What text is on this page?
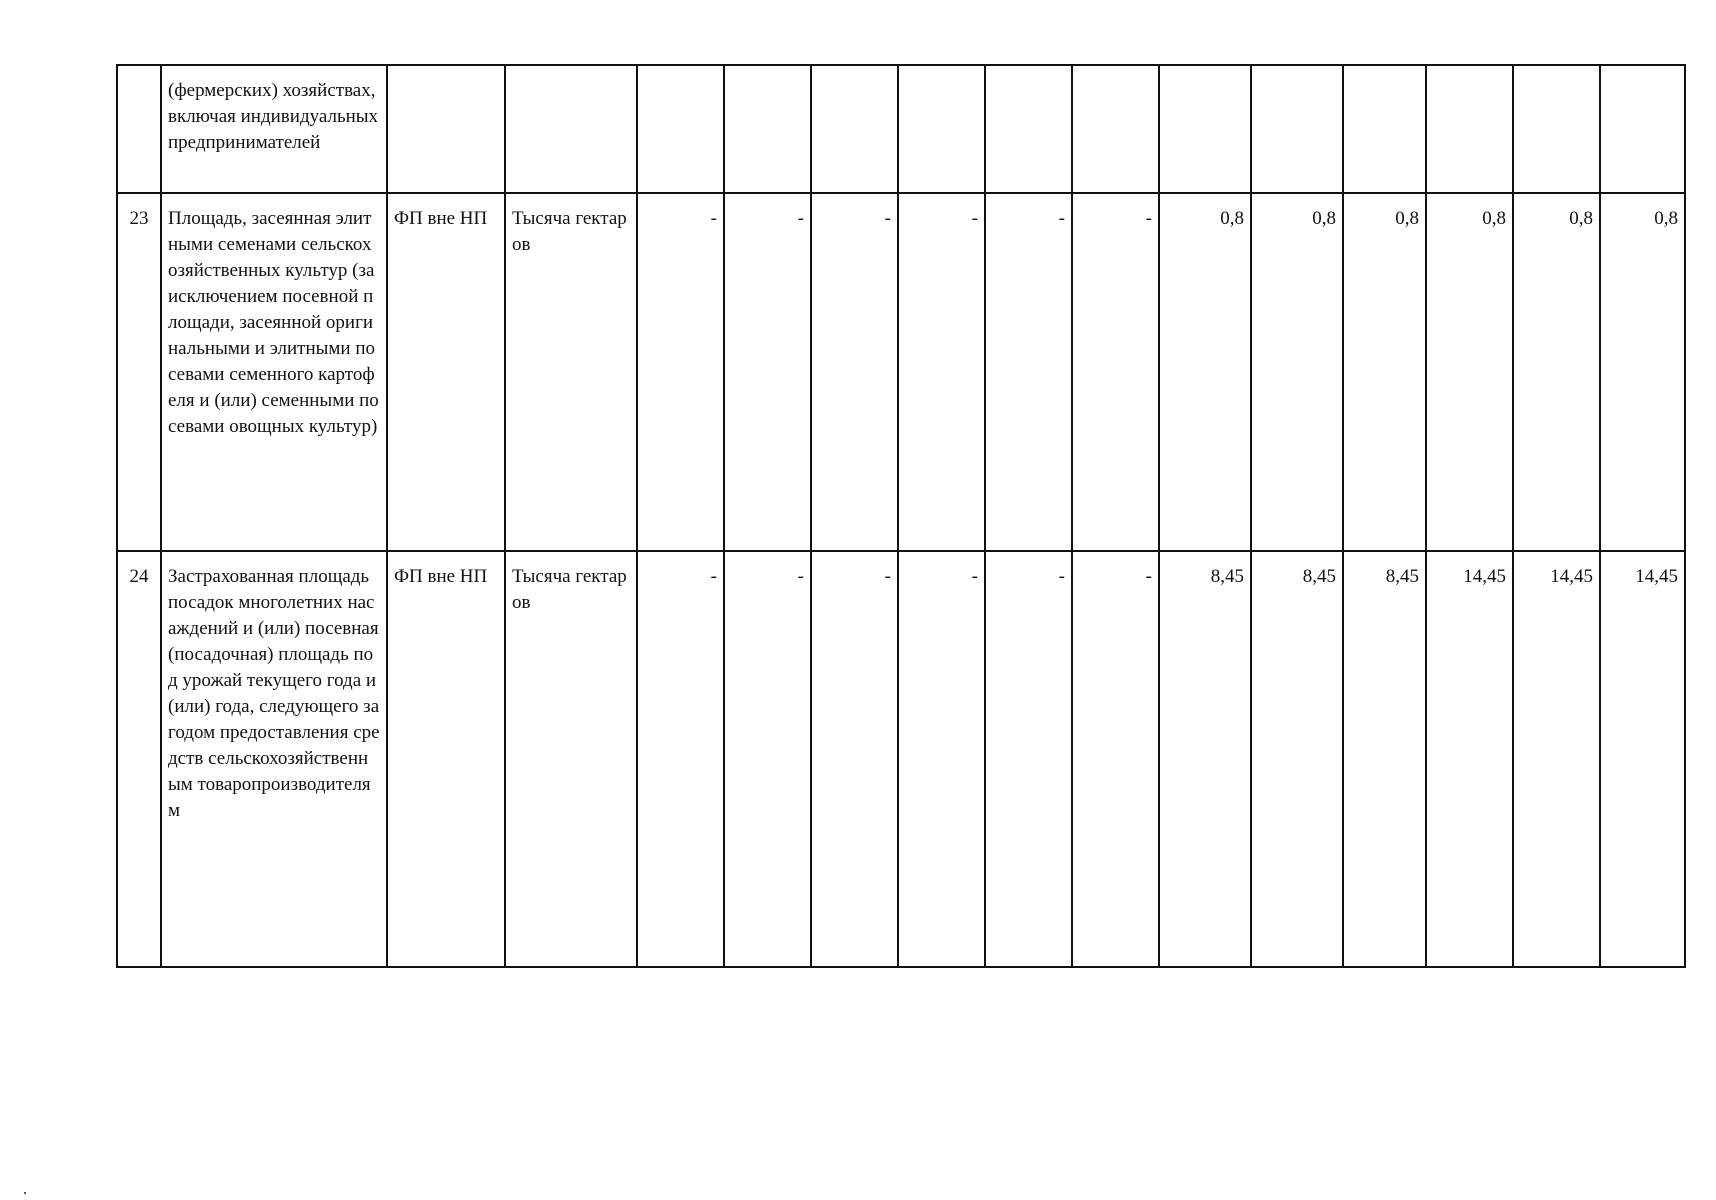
	(фермерских) хозяйствах, включая индивидуальных предпринимателей														
23	Площадь, засеянная элитными семенами сельскохозяйственных культур (за исключением посевной площади, засеянной оригинальными и элитными посевами семенного картофеля и (или) семенными посевами овощных культур)	ФП вне НП	Тысяча гектаров	-	-	-	-	-	-	0,8	0,8	0,8	0,8	0,8	0,8
24	Застрахованная площадь посадок многолетних насаждений и (или) посевная (посадочная) площадь под урожай текущего года и (или) года, следующего за годом предоставления средств сельскохозяйственным товаропроизводителям	ФП вне НП	Тысяча гектаров	-	-	-	-	-	-	8,45	8,45	8,45	14,45	14,45	14,45
